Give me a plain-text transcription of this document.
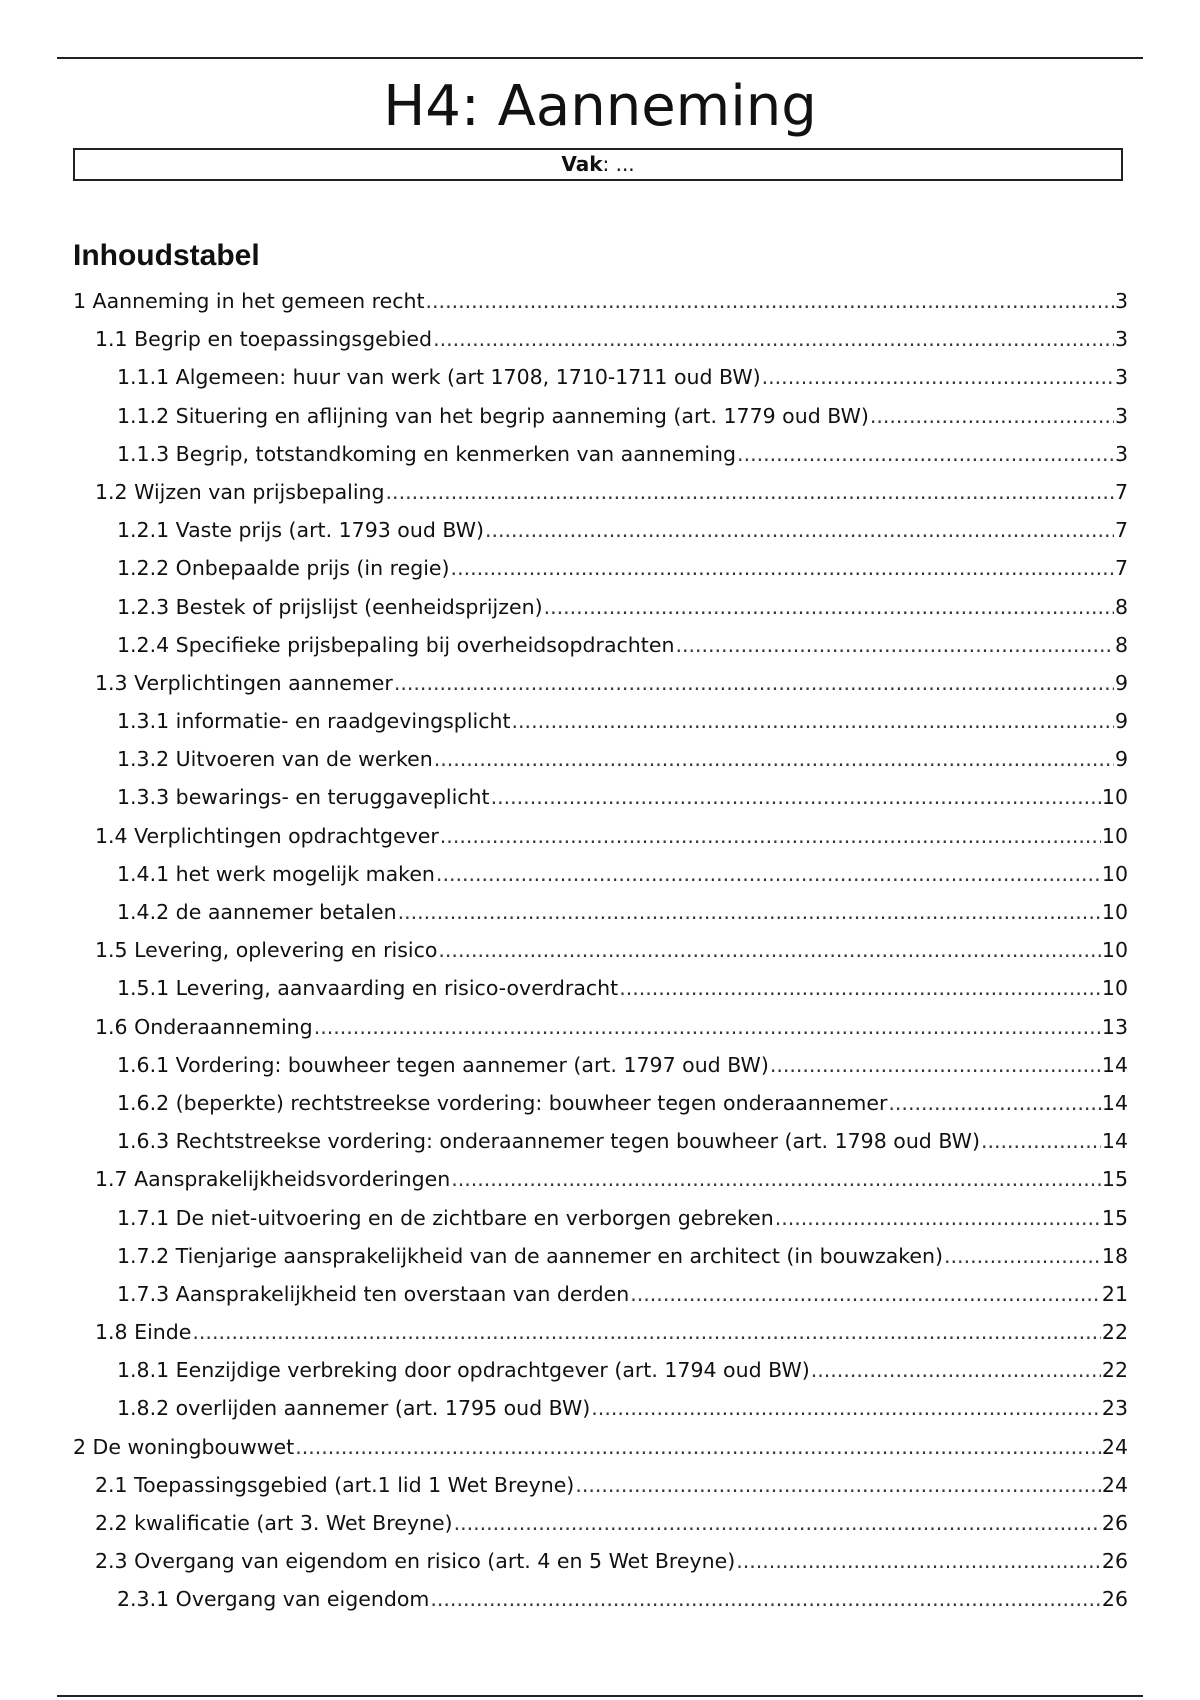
H4: Aanneming
Vak: ...
Inhoudstabel
1 Aanneming in het gemeen recht .....	3
1.1 Begrip en toepassingsgebied .....	3
1.1.1 Algemeen: huur van werk (art 1708, 1710-1711 oud BW) .....	3
1.1.2 Situering en aflijning van het begrip aanneming (art. 1779 oud BW) .....	3
1.1.3 Begrip, totstandkoming en kenmerken van aanneming .....	3
1.2 Wijzen van prijsbepaling .....	7
1.2.1 Vaste prijs (art. 1793 oud BW) .....	7
1.2.2 Onbepaalde prijs (in regie) .....	7
1.2.3 Bestek of prijslijst (eenheidsprijzen) .....	8
1.2.4 Specifieke prijsbepaling bij overheidsopdrachten .....	8
1.3 Verplichtingen aannemer .....	9
1.3.1 informatie- en raadgevingsplicht .....	9
1.3.2 Uitvoeren van de werken .....	9
1.3.3 bewarings- en teruggaveplicht .....	10
1.4 Verplichtingen opdrachtgever .....	10
1.4.1 het werk mogelijk maken .....	10
1.4.2 de aannemer betalen .....	10
1.5 Levering, oplevering en risico .....	10
1.5.1 Levering, aanvaarding en risico-overdracht .....	10
1.6 Onderaanneming .....	13
1.6.1 Vordering: bouwheer tegen aannemer (art. 1797 oud BW) .....	14
1.6.2 (beperkte) rechtstreekse vordering: bouwheer tegen onderaannemer .....	14
1.6.3 Rechtstreekse vordering: onderaannemer tegen bouwheer (art. 1798 oud BW) .....	14
1.7 Aansprakelijkheidsvorderingen .....	15
1.7.1 De niet-uitvoering en de zichtbare en verborgen gebreken .....	15
1.7.2 Tienjarige aansprakelijkheid van de aannemer en architect (in bouwzaken) .....	18
1.7.3 Aansprakelijkheid ten overstaan van derden .....	21
1.8 Einde .....	22
1.8.1 Eenzijdige verbreking door opdrachtgever (art. 1794 oud BW) .....	22
1.8.2 overlijden aannemer (art. 1795 oud BW) .....	23
2 De woningbouwwet .....	24
2.1 Toepassingsgebied (art.1 lid 1 Wet Breyne) .....	24
2.2 kwalificatie (art 3. Wet Breyne) .....	26
2.3 Overgang van eigendom en risico (art. 4 en 5 Wet Breyne) .....	26
2.3.1 Overgang van eigendom .....	26
